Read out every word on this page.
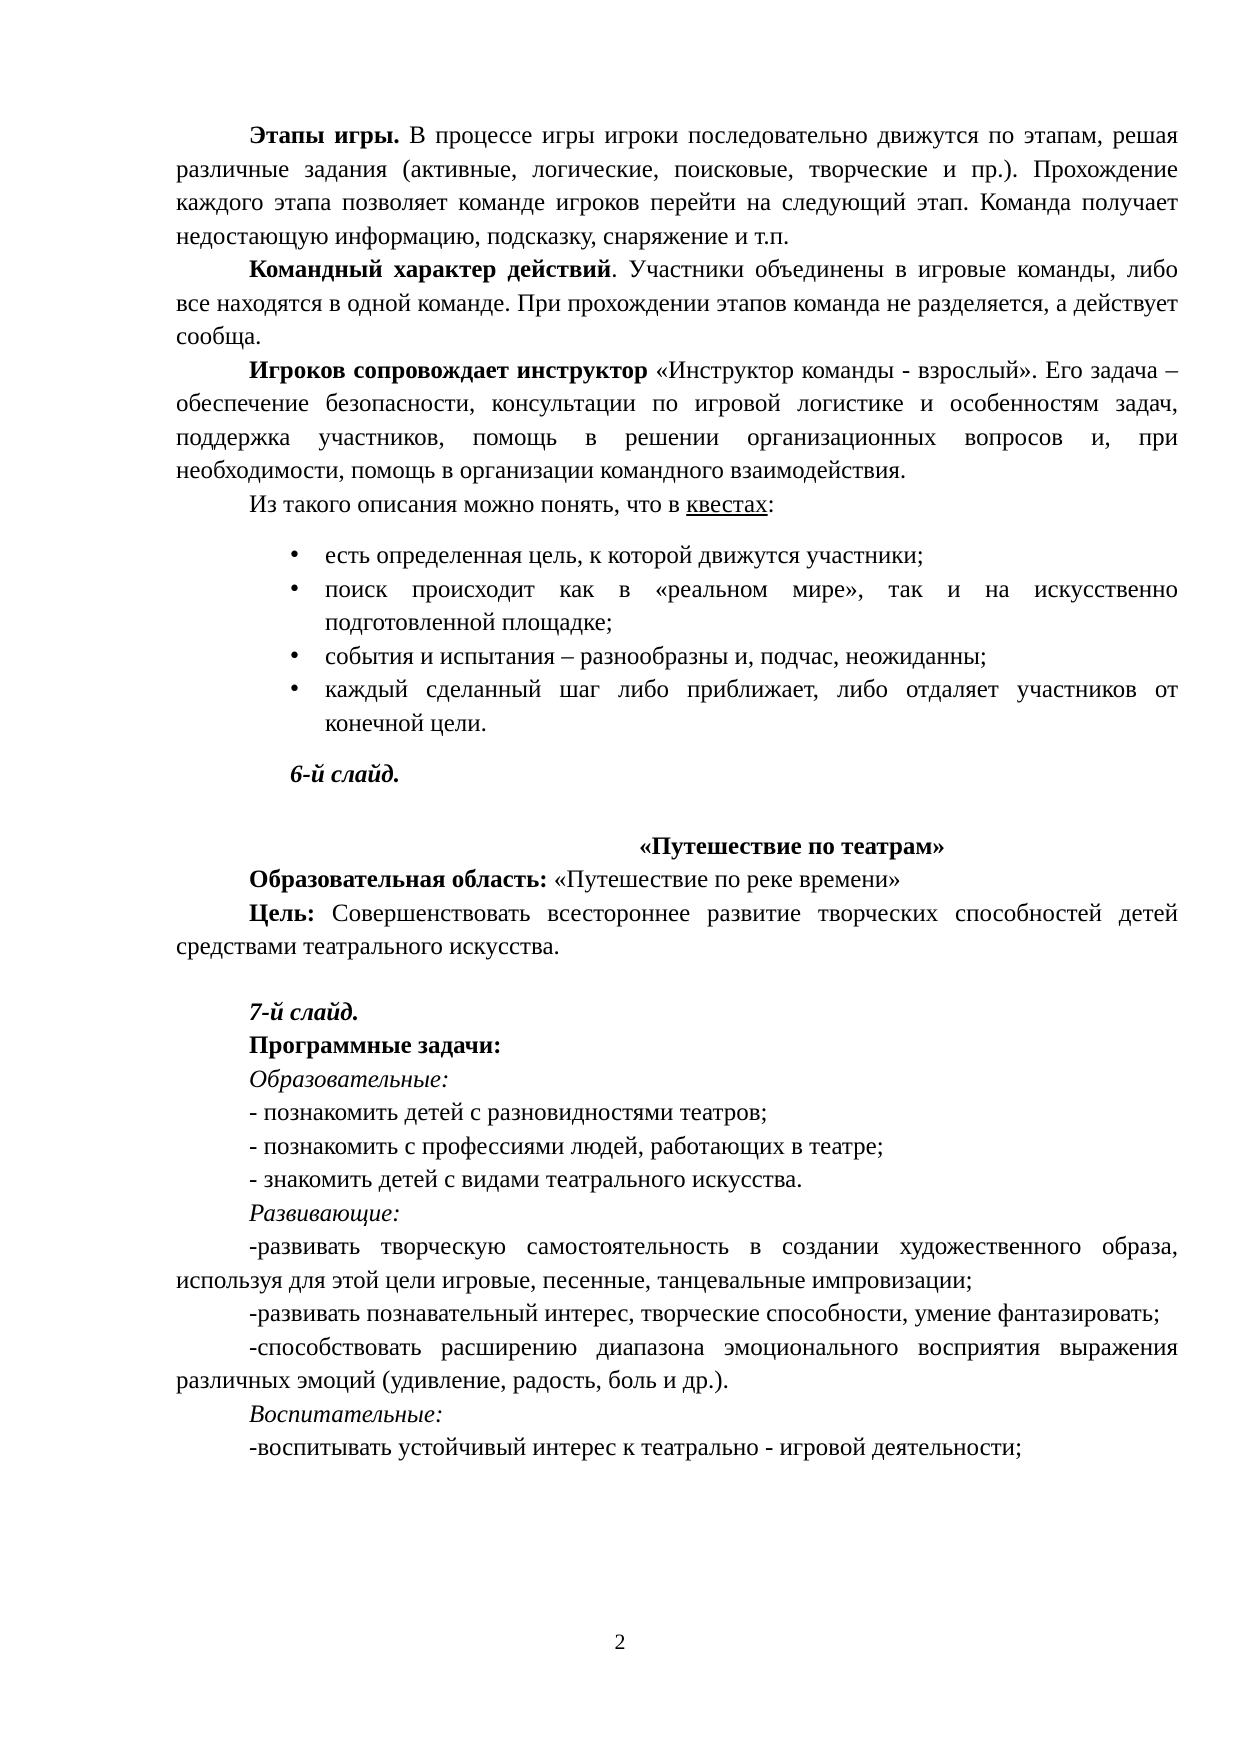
Этапы игры. В процессе игры игроки последовательно движутся по этапам, решая различные задания (активные, логические, поисковые, творческие и пр.). Прохождение каждого этапа позволяет команде игроков перейти на следующий этап. Команда получает недостающую информацию, подсказку, снаряжение и т.п.

Командный характер действий. Участники объединены в игровые команды, либо все находятся в одной команде. При прохождении этапов команда не разделяется, а действует сообща.

Игроков сопровождает инструктор «Инструктор команды - взрослый». Его задача – обеспечение безопасности, консультации по игровой логистике и особенностям задач, поддержка участников, помощь в решении организационных вопросов и, при необходимости, помощь в организации командного взаимодействия.

Из такого описания можно понять, что в квестах:

• есть определенная цель, к которой движутся участники;
• поиск происходит как в «реальном мире», так и на искусственно подготовленной площадке;
• события и испытания – разнообразны и, подчас, неожиданны;
• каждый сделанный шаг либо приближает, либо отдаляет участников от конечной цели.

6-й слайд.

«Путешествие по театрам»

Образовательная область: «Путешествие по реке времени»

Цель: Совершенствовать всестороннее развитие творческих способностей детей средствами театрального искусства.

7-й слайд.

Программные задачи:

Образовательные:

- познакомить детей с разновидностями театров;

- познакомить с профессиями людей, работающих в театре;

- знакомить детей с видами театрального искусства.

Развивающие:

-развивать творческую самостоятельность в создании художественного образа, используя для этой цели игровые, песенные, танцевальные импровизации;

-развивать познавательный интерес, творческие способности, умение фантазировать;

-способствовать расширению диапазона эмоционального восприятия выражения различных эмоций (удивление, радость, боль и др.).

Воспитательные:

-воспитывать устойчивый интерес к театрально - игровой деятельности;

2
